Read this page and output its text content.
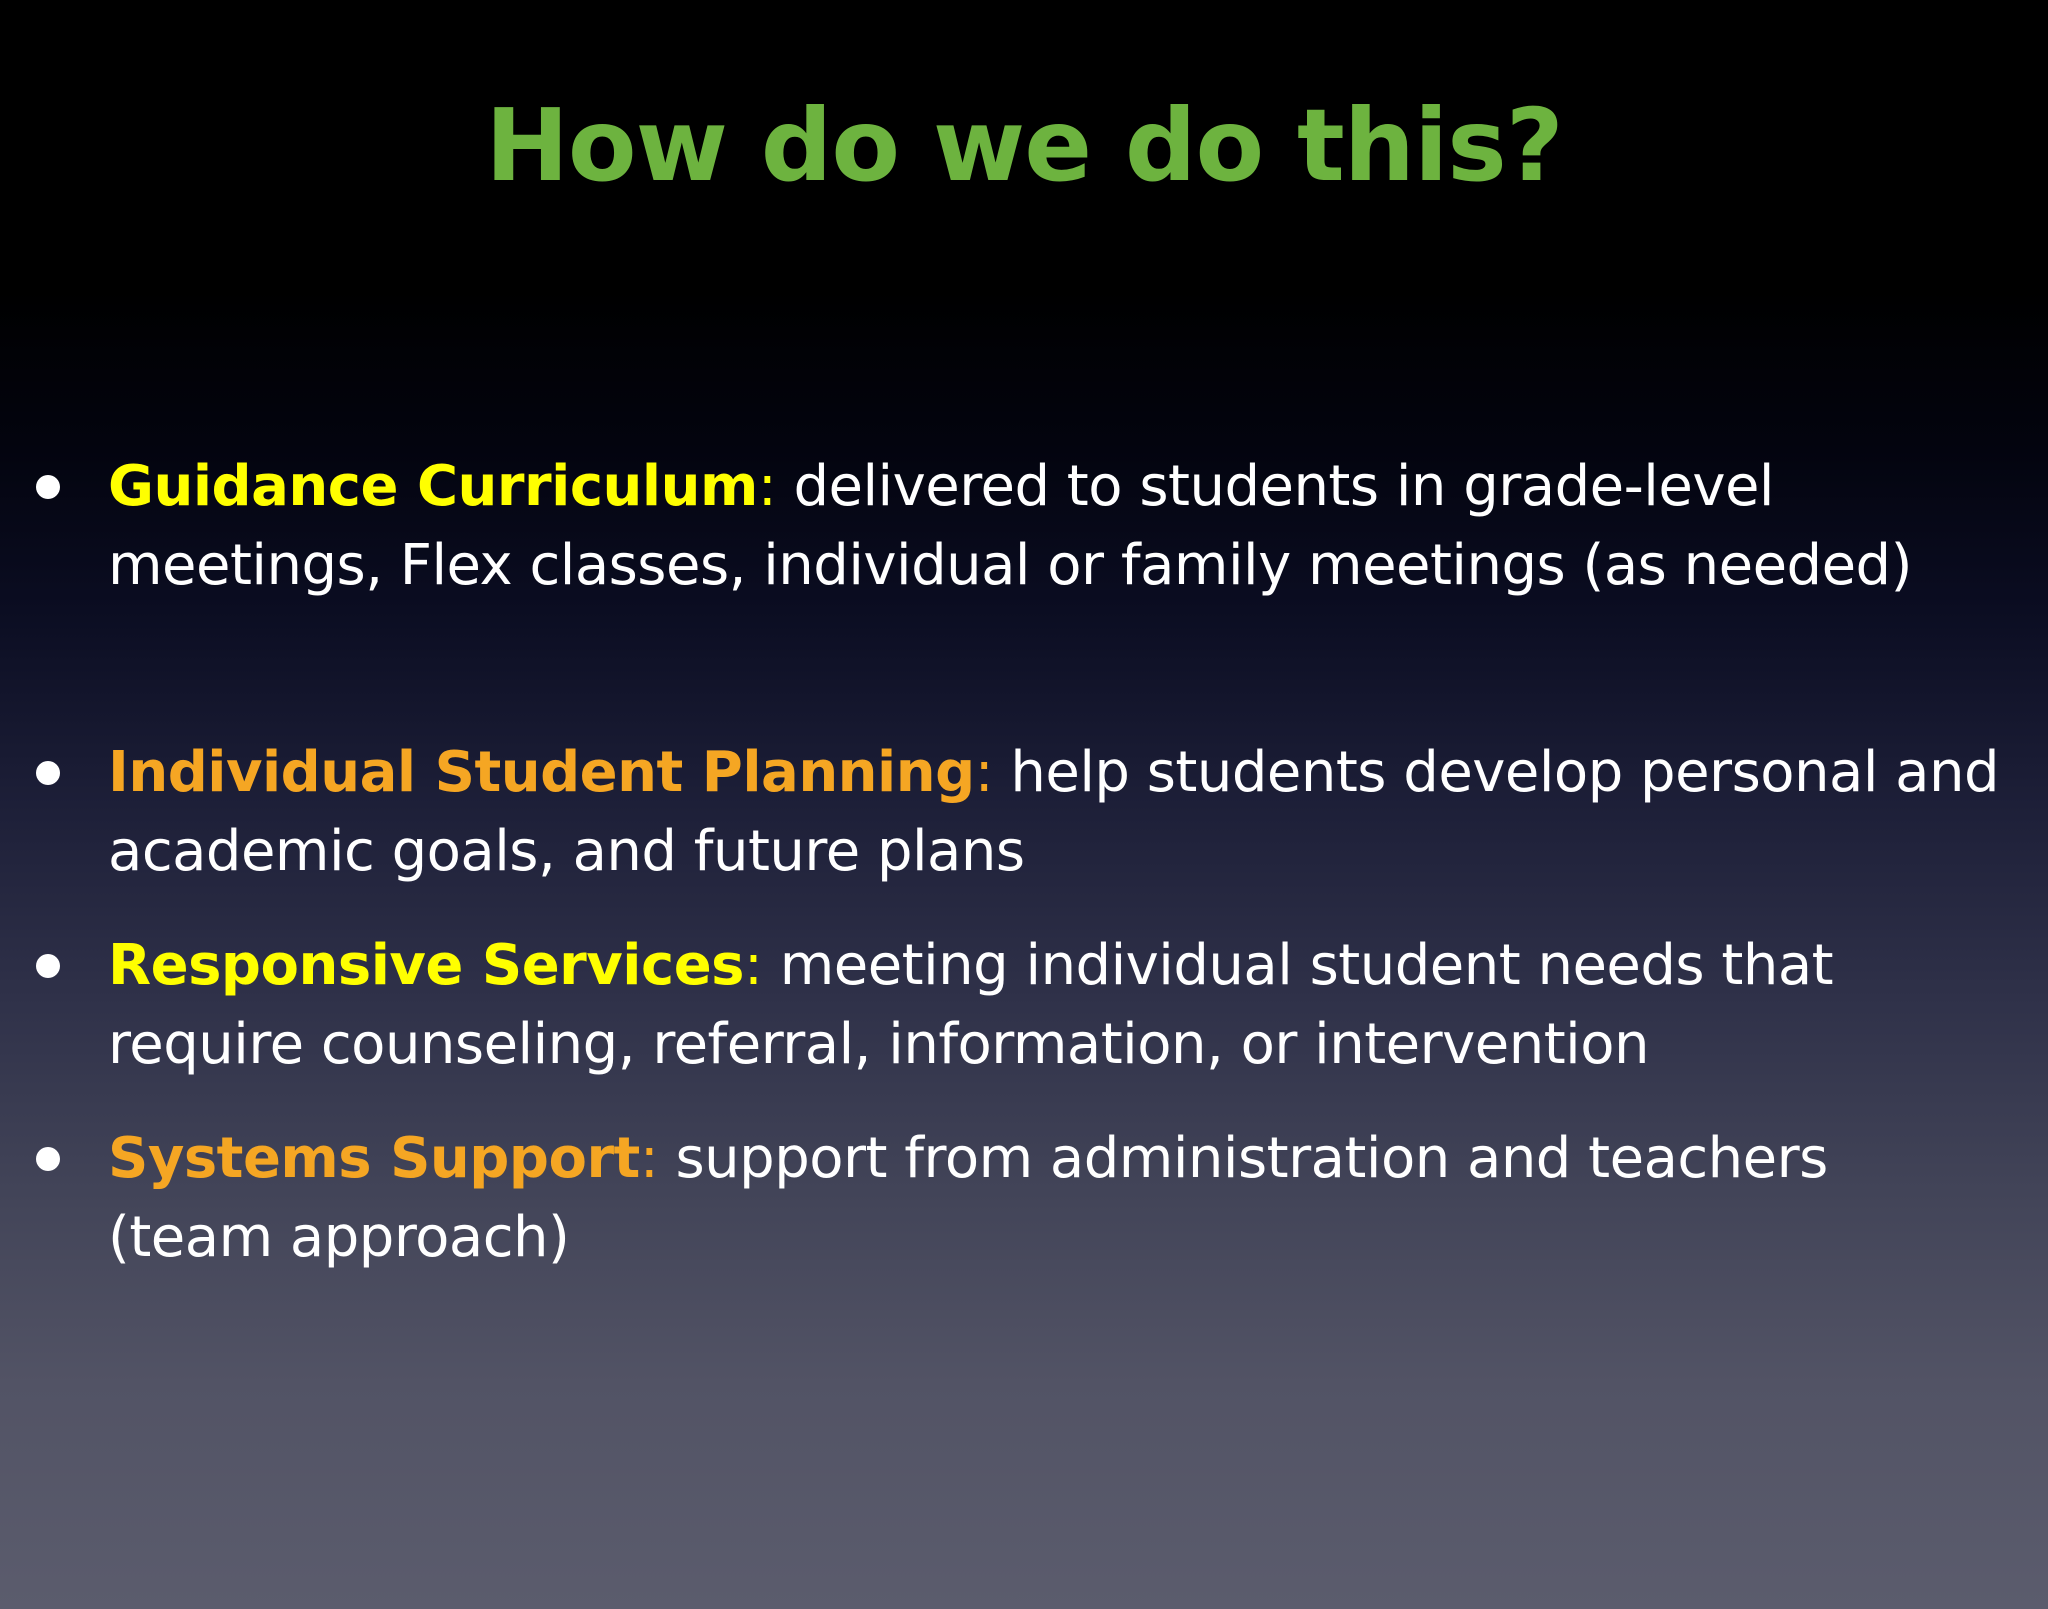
How do we do this?
Guidance Curriculum: delivered to students in grade-level meetings, Flex classes, individual or family meetings (as needed)
Individual Student Planning: help students develop personal and academic goals, and future plans
Responsive Services: meeting individual student needs that require counseling, referral, information, or intervention
Systems Support: support from administration and teachers (team approach)
